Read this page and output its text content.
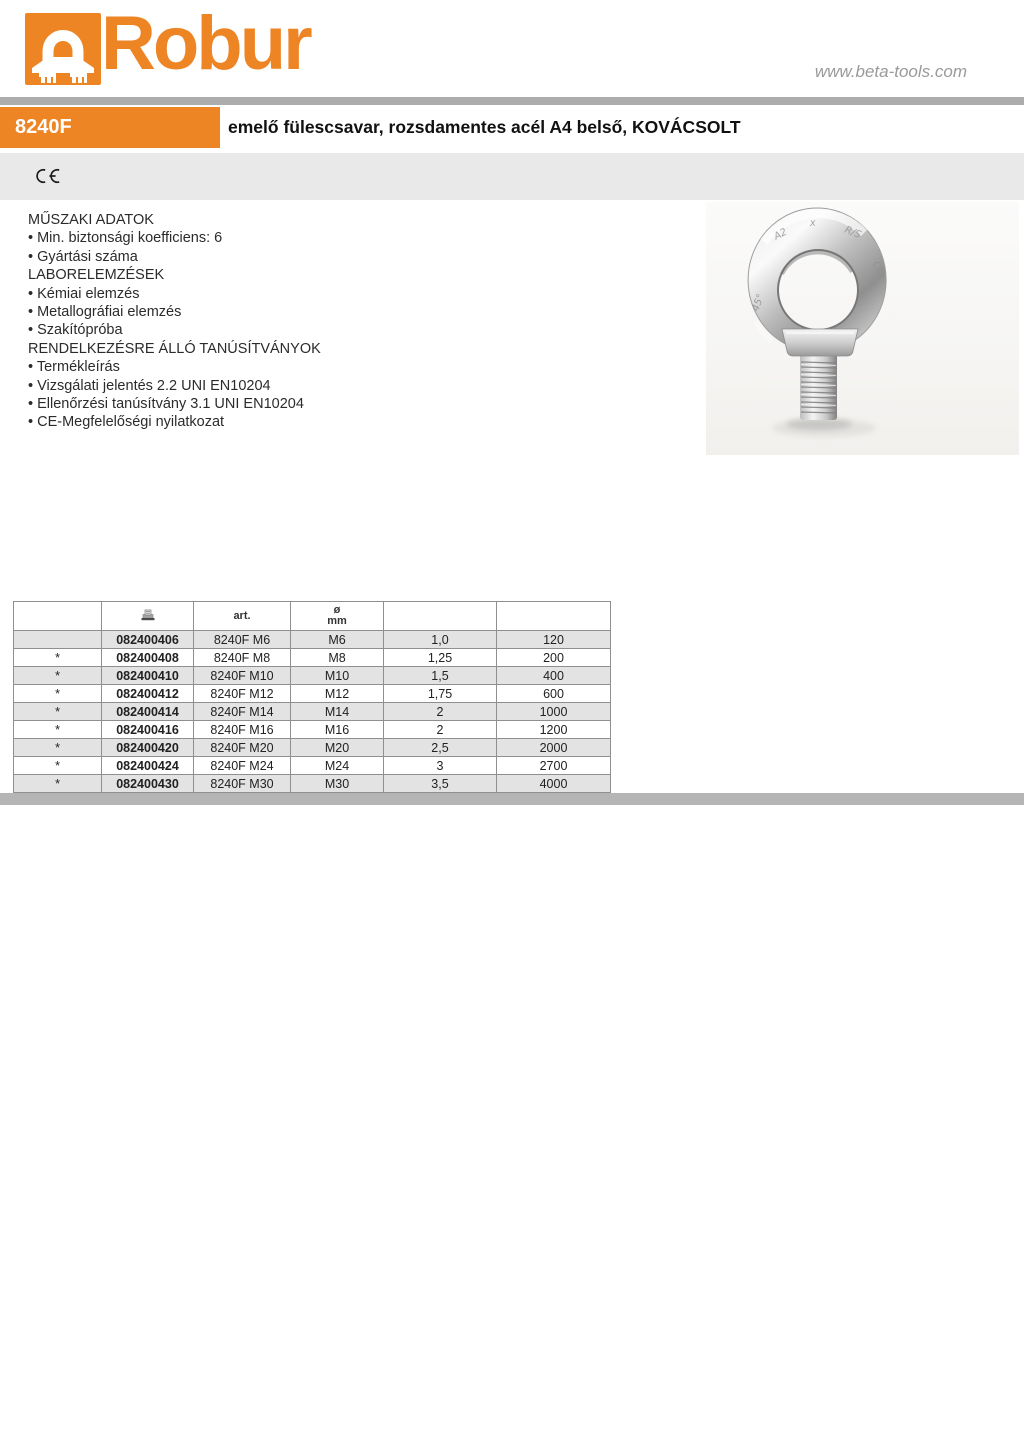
Robur	www.beta-tools.com
8240F	emelő fülescsavar, rozsdamentes acél A4 belső, KOVÁCSOLT
MŰSZAKI ADATOK
• Min. biztonsági koefficiens: 6
• Gyártási száma
LABORELEMZÉSEK
• Kémiai elemzés
• Metallográfiai elemzés
• Szakítópróba
RENDELKEZÉSRE ÁLLÓ TANÚSÍTVÁNYOK
• Termékleírás
• Vizsgálati jelentés 2.2 UNI EN10204
• Ellenőrzési tanúsítvány 3.1 UNI EN10204
• CE-Megfelelőségi nyilatkozat
A2
x
R/S
C€
45°
		art.	ø
mm		

	082400406	8240F M6	M6	1,0	120
*	082400408	8240F M8	M8	1,25	200
*	082400410	8240F M10	M10	1,5	400
*	082400412	8240F M12	M12	1,75	600
*	082400414	8240F M14	M14	2	1000
*	082400416	8240F M16	M16	2	1200
*	082400420	8240F M20	M20	2,5	2000
*	082400424	8240F M24	M24	3	2700
*	082400430	8240F M30	M30	3,5	4000
